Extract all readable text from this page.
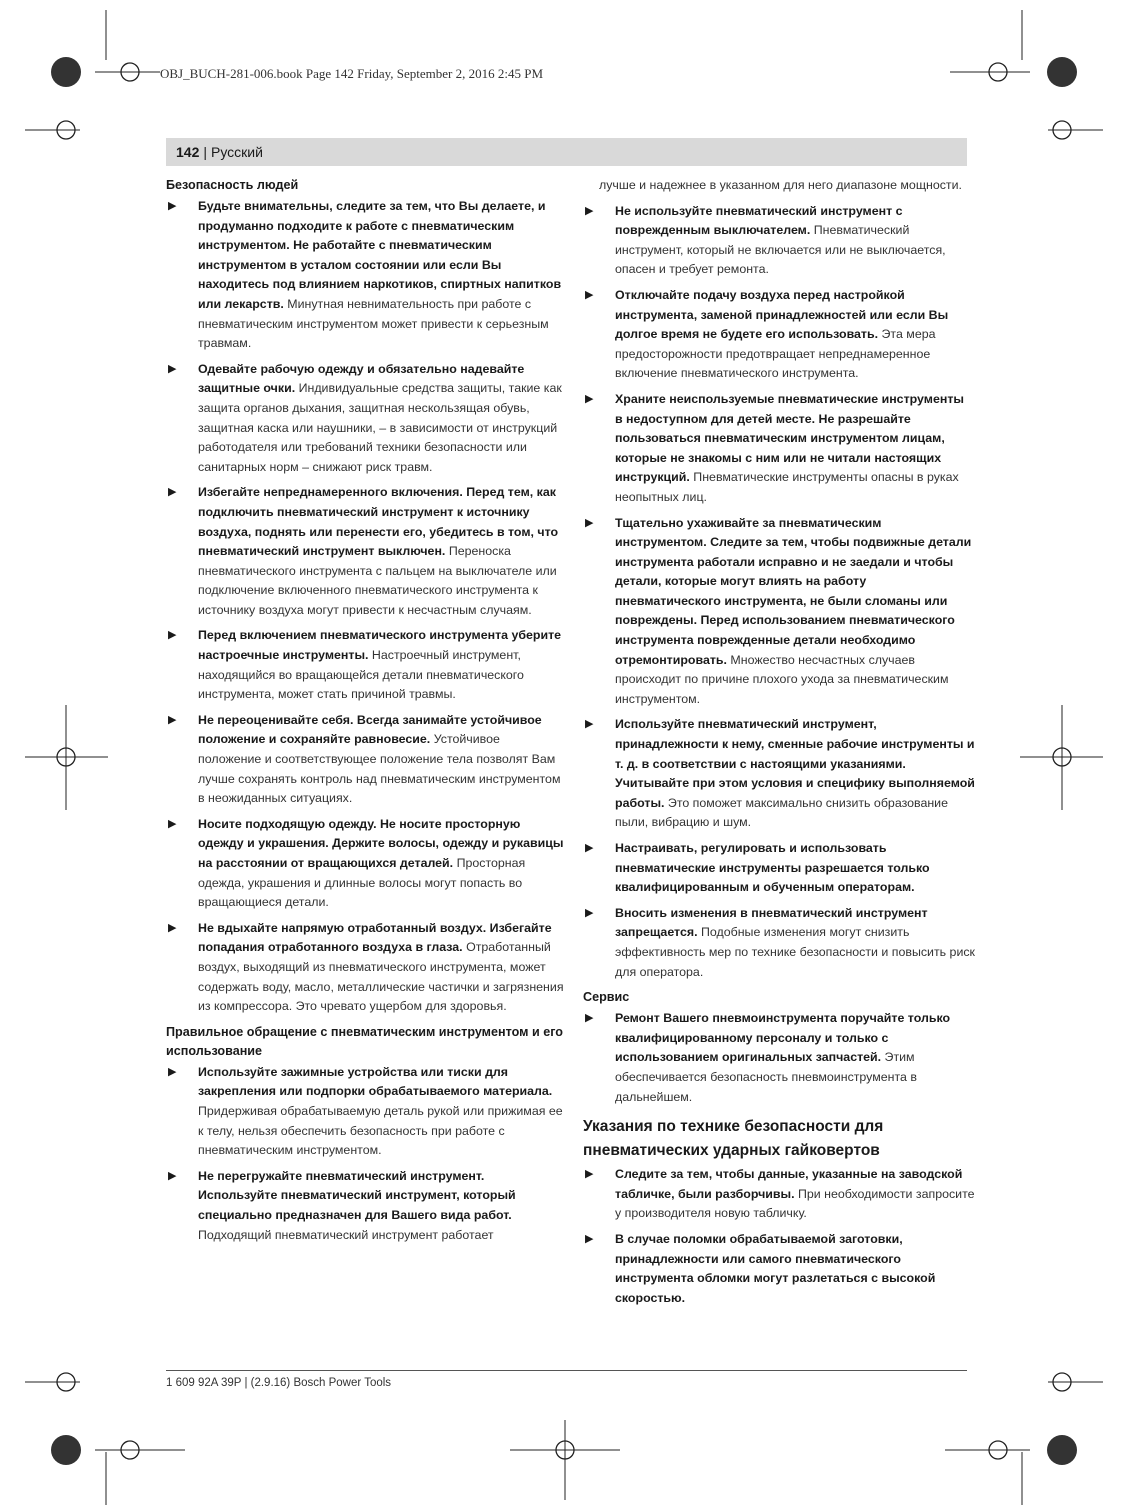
OBJ_BUCH-281-006.book Page 142 Friday, September 2, 2016 2:45 PM
142 | Русский
Безопасность людей
▶ Будьте внимательны, следите за тем, что Вы делаете, и продуманно подходите к работе с пневматическим инструментом. Не работайте с пневматическим инструментом в усталом состоянии или если Вы находитесь под влиянием наркотиков, спиртных напитков или лекарств. Минутная невнимательность при работе с пневматическим инструментом может привести к серьезным травмам.
▶ Одевайте рабочую одежду и обязательно надевайте защитные очки. Индивидуальные средства защиты, такие как защита органов дыхания, защитная нескользящая обувь, защитная каска или наушники, – в зависимости от инструкций работодателя или требований техники безопасности или санитарных норм – снижают риск травм.
▶ Избегайте непреднамеренного включения. Перед тем, как подключить пневматический инструмент к источнику воздуха, поднять или перенести его, убедитесь в том, что пневматический инструмент выключен. Переноска пневматического инструмента с пальцем на выключателе или подключение включенного пневматического инструмента к источнику воздуха могут привести к несчастным случаям.
▶ Перед включением пневматического инструмента уберите настроечные инструменты. Настроечный инструмент, находящийся во вращающейся детали пневматического инструмента, может стать причиной травмы.
▶ Не переоценивайте себя. Всегда занимайте устойчивое положение и сохраняйте равновесие. Устойчивое положение и соответствующее положение тела позволят Вам лучше сохранять контроль над пневматическим инструментом в неожиданных ситуациях.
▶ Носите подходящую одежду. Не носите просторную одежду и украшения. Держите волосы, одежду и рукавицы на расстоянии от вращающихся деталей. Просторная одежда, украшения и длинные волосы могут попасть во вращающиеся детали.
▶ Не вдыхайте напрямую отработанный воздух. Избегайте попадания отработанного воздуха в глаза. Отработанный воздух, выходящий из пневматического инструмента, может содержать воду, масло, металлические частички и загрязнения из компрессора. Это чревато ущербом для здоровья.
Правильное обращение с пневматическим инструментом и его использование
▶ Используйте зажимные устройства или тиски для закрепления или подпорки обрабатываемого материала. Придерживая обрабатываемую деталь рукой или прижимая ее к телу, нельзя обеспечить безопасность при работе с пневматическим инструментом.
▶ Не перегружайте пневматический инструмент. Используйте пневматический инструмент, который специально предназначен для Вашего вида работ. Подходящий пневматический инструмент работает
лучше и надежнее в указанном для него диапазоне мощности.
▶ Не используйте пневматический инструмент с поврежденным выключателем. Пневматический инструмент, который не включается или не выключается, опасен и требует ремонта.
▶ Отключайте подачу воздуха перед настройкой инструмента, заменой принадлежностей или если Вы долгое время не будете его использовать. Эта мера предосторожности предотвращает непреднамеренное включение пневматического инструмента.
▶ Храните неиспользуемые пневматические инструменты в недоступном для детей месте. Не разрешайте пользоваться пневматическим инструментом лицам, которые не знакомы с ним или не читали настоящих инструкций. Пневматические инструменты опасны в руках неопытных лиц.
▶ Тщательно ухаживайте за пневматическим инструментом. Следите за тем, чтобы подвижные детали инструмента работали исправно и не заедали и чтобы детали, которые могут влиять на работу пневматического инструмента, не были сломаны или повреждены. Перед использованием пневматического инструмента поврежденные детали необходимо отремонтировать. Множество несчастных случаев происходит по причине плохого ухода за пневматическим инструментом.
▶ Используйте пневматический инструмент, принадлежности к нему, сменные рабочие инструменты и т. д. в соответствии с настоящими указаниями. Учитывайте при этом условия и специфику выполняемой работы. Это поможет максимально снизить образование пыли, вибрацию и шум.
▶ Настраивать, регулировать и использовать пневматические инструменты разрешается только квалифицированным и обученным операторам.
▶ Вносить изменения в пневматический инструмент запрещается. Подобные изменения могут снизить эффективность мер по технике безопасности и повысить риск для оператора.
Сервис
▶ Ремонт Вашего пневмоинструмента поручайте только квалифицированному персоналу и только с использованием оригинальных запчастей. Этим обеспечивается безопасность пневмоинструмента в дальнейшем.
Указания по технике безопасности для пневматических ударных гайковертов
▶ Следите за тем, чтобы данные, указанные на заводской табличке, были разборчивы. При необходимости запросите у производителя новую табличку.
▶ В случае поломки обрабатываемой заготовки, принадлежности или самого пневматического инструмента обломки могут разлетаться с высокой скоростью.
1 609 92A 39P | (2.9.16) Bosch Power Tools
